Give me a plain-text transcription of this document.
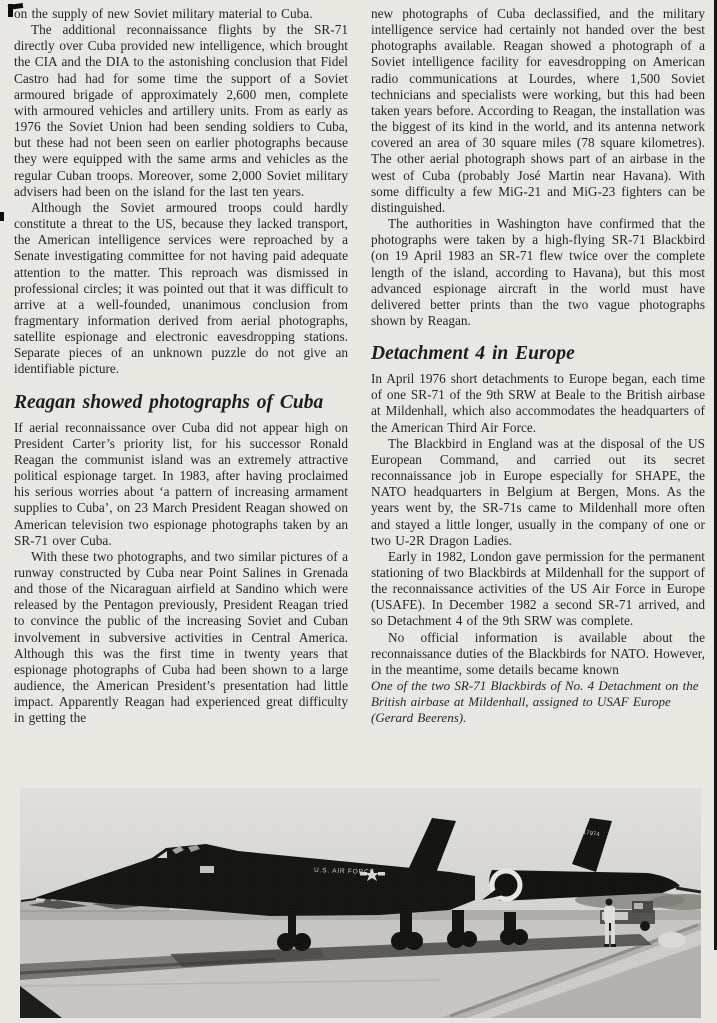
on the supply of new Soviet military material to Cuba.

The additional reconnaissance flights by the SR-71 directly over Cuba provided new intelligence, which brought the CIA and the DIA to the astonishing conclusion that Fidel Castro had had for some time the support of a Soviet armoured brigade of approximately 2,600 men, complete with armoured vehicles and artillery units. From as early as 1976 the Soviet Union had been sending soldiers to Cuba, but these had not been seen on earlier photographs because they were equipped with the same arms and vehicles as the regular Cuban troops. Moreover, some 2,000 Soviet military advisers had been on the island for the last ten years.

Although the Soviet armoured troops could hardly constitute a threat to the US, because they lacked transport, the American intelligence services were reproached by a Senate investigating committee for not having paid adequate attention to the matter. This reproach was dismissed in professional circles; it was pointed out that it was difficult to arrive at a well-founded, unanimous conclusion from fragmentary information derived from aerial photographs, satellite espionage and electronic eavesdropping stations. Separate pieces of an unknown puzzle do not give an identifiable picture.

Reagan showed photographs of Cuba

If aerial reconnaissance over Cuba did not appear high on President Carter’s priority list, for his successor Ronald Reagan the communist island was an extremely attractive political espionage target. In 1983, after having proclaimed his serious worries about ‘a pattern of increasing armament supplies to Cuba’, on 23 March President Reagan showed on American television two espionage photographs taken by an SR-71 over Cuba.

With these two photographs, and two similar pictures of a runway constructed by Cuba near Point Salines in Grenada and those of the Nicaraguan airfield at Sandino which were released by the Pentagon previously, President Reagan tried to convince the public of the increasing Soviet and Cuban involvement in subversive activities in Central America. Although this was the first time in twenty years that espionage photographs of Cuba had been shown to a large audience, the American President’s presentation had little impact. Apparently Reagan had experienced great difficulty in getting the

new photographs of Cuba declassified, and the military intelligence service had certainly not handed over the best photographs available. Reagan showed a photograph of a Soviet intelligence facility for eavesdropping on American radio communications at Lourdes, where 1,500 Soviet technicians and specialists were working, but this had been taken years before. According to Reagan, the installation was the biggest of its kind in the world, and its antenna network covered an area of 30 square miles (78 square kilometres). The other aerial photograph shows part of an airbase in the west of Cuba (probably José Martin near Havana). With some difficulty a few MiG-21 and MiG-23 fighters can be distinguished.

The authorities in Washington have confirmed that the photographs were taken by a high-flying SR-71 Blackbird (on 19 April 1983 an SR-71 flew twice over the complete length of the island, according to Havana), but this most advanced espionage aircraft in the world must have delivered better prints than the two vague photographs shown by Reagan.

Detachment 4 in Europe

In April 1976 short detachments to Europe began, each time of one SR-71 of the 9th SRW at Beale to the British airbase at Mildenhall, which also accommodates the headquarters of the American Third Air Force.

The Blackbird in England was at the disposal of the US European Command, and carried out its secret reconnaissance job in Europe especially for SHAPE, the NATO headquarters in Belgium at Bergen, Mons. As the years went by, the SR-71s came to Mildenhall more often and stayed a little longer, usually in the company of one or two U-2R Dragon Ladies.

Early in 1982, London gave permission for the permanent stationing of two Blackbirds at Mildenhall for the support of the reconnaissance activities of the US Air Force in Europe (USAFE). In December 1982 a second SR-71 arrived, and so Detachment 4 of the 9th SRW was complete.

No official information is available about the reconnaissance duties of the Blackbirds for NATO. However, in the meantime, some details became known

One of the two SR-71 Blackbirds of No. 4 Detachment on the British airbase at Mildenhall, assigned to USAF Europe (Gerard Beerens).
